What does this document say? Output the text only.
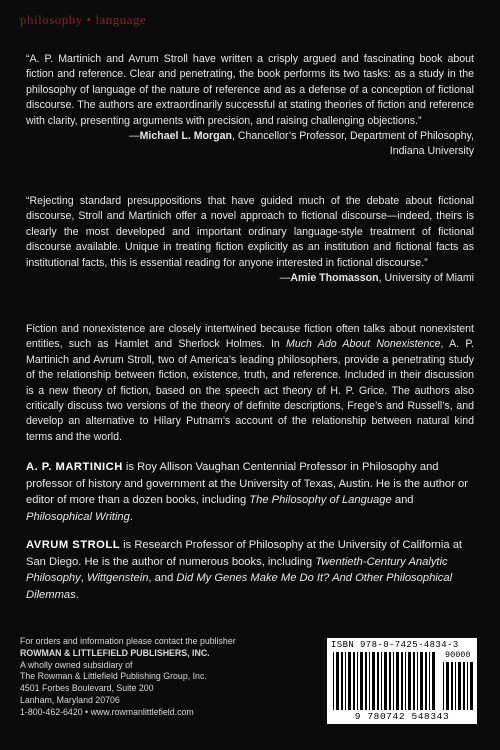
philosophy • language

“A. P. Martinich and Avrum Stroll have written a crisply argued and fascinating book about fiction and reference. Clear and penetrating, the book performs its two tasks: as a study in the philosophy of language of the nature of reference and as a defense of a conception of fictional discourse. The authors are extraordinarily successful at stating theories of fiction and reference with clarity, presenting arguments with precision, and raising challenging objections.”

—Michael L. Morgan, Chancellor’s Professor, Department of Philosophy,
Indiana University

“Rejecting standard presuppositions that have guided much of the debate about fictional discourse, Stroll and Martinich offer a novel approach to fictional discourse—indeed, theirs is clearly the most developed and important ordinary language-style treatment of fictional discourse available. Unique in treating fiction explicitly as an institution and fictional facts as institutional facts, this is essential reading for anyone interested in fictional discourse.”

—Amie Thomasson, University of Miami

Fiction and nonexistence are closely intertwined because fiction often talks about nonexistent entities, such as Hamlet and Sherlock Holmes. In Much Ado About Nonexistence, A. P. Martinich and Avrum Stroll, two of America’s leading philosophers, provide a penetrating study of the relationship between fiction, existence, truth, and reference. Included in their discussion is a new theory of fiction, based on the speech act theory of H. P. Grice. The authors also critically discuss two versions of the theory of definite descriptions, Frege’s and Russell’s, and develop an alternative to Hilary Putnam’s account of the relationship between natural kind terms and the world.

A. P. MARTINICH is Roy Allison Vaughan Centennial Professor in Philosophy and professor of history and government at the University of Texas, Austin. He is the author or editor of more than a dozen books, including The Philosophy of Language and Philosophical Writing.
AVRUM STROLL is Research Professor of Philosophy at the University of California at San Diego. He is the author of numerous books, including Twentieth-Century Analytic Philosophy, Wittgenstein, and Did My Genes Make Me Do It? And Other Philosophical Dilemmas.
For orders and information please contact the publisher
ROWMAN & LITTLEFIELD PUBLISHERS, INC.
A wholly owned subsidiary of
The Rowman & Littlefield Publishing Group, Inc.
4501 Forbes Boulevard, Suite 200
Lanham, Maryland 20706
1-800-462-6420 • www.rowmanlittlefield.com
ISBN 978-0-7425-4834-3
90000
9 780742 548343
